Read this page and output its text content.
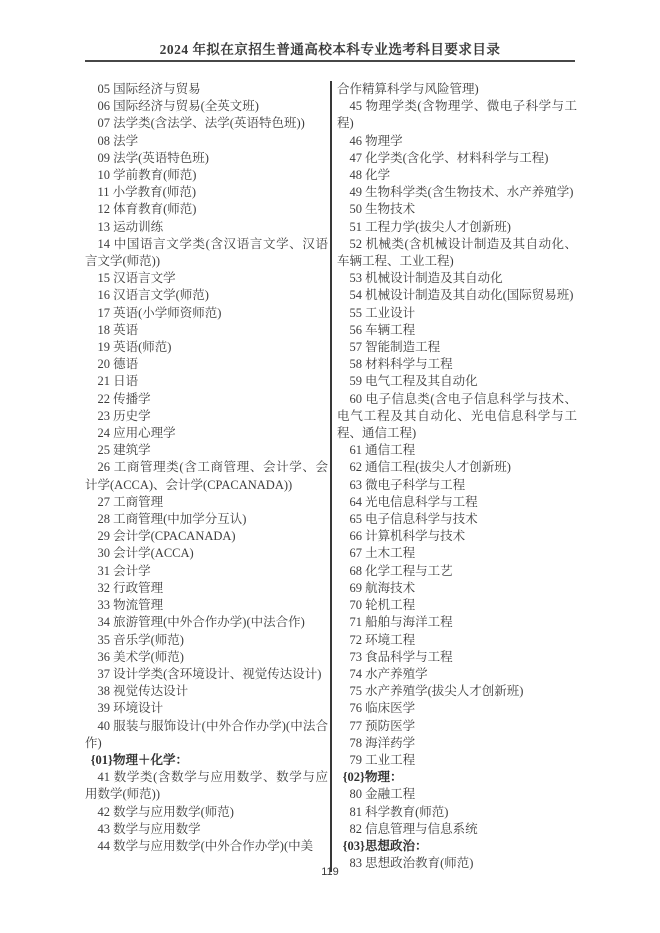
2024 年拟在京招生普通高校本科专业选考科目要求目录

05 国际经济与贸易

06 国际经济与贸易(全英文班)

07 法学类(含法学、法学(英语特色班))

08 法学

09 法学(英语特色班)

10 学前教育(师范)

11 小学教育(师范)

12 体育教育(师范)

13 运动训练

14 中国语言文学类(含汉语言文学、汉语言文学(师范))

15 汉语言文学

16 汉语言文学(师范)

17 英语(小学师资师范)

18 英语

19 英语(师范)

20 德语

21 日语

22 传播学

23 历史学

24 应用心理学

25 建筑学

26 工商管理类(含工商管理、会计学、会计学(ACCA)、会计学(CPACANADA))

27 工商管理

28 工商管理(中加学分互认)

29 会计学(CPACANADA)

30 会计学(ACCA)

31 会计学

32 行政管理

33 物流管理

34 旅游管理(中外合作办学)(中法合作)

35 音乐学(师范)

36 美术学(师范)

37 设计学类(含环境设计、视觉传达设计)

38 视觉传达设计

39 环境设计

40 服装与服饰设计(中外合作办学)(中法合作)

{01}物理＋化学：

41 数学类(含数学与应用数学、数学与应用数学(师范))

42 数学与应用数学(师范)

43 数学与应用数学

44 数学与应用数学(中外合作办学)(中美

合作精算科学与风险管理)

45 物理学类(含物理学、微电子科学与工程)

46 物理学

47 化学类(含化学、材料科学与工程)

48 化学

49 生物科学类(含生物技术、水产养殖学)

50 生物技术

51 工程力学(拔尖人才创新班)

52 机械类(含机械设计制造及其自动化、车辆工程、工业工程)

53 机械设计制造及其自动化

54 机械设计制造及其自动化(国际贸易班)

55 工业设计

56 车辆工程

57 智能制造工程

58 材料科学与工程

59 电气工程及其自动化

60 电子信息类(含电子信息科学与技术、电气工程及其自动化、光电信息科学与工程、通信工程)

61 通信工程

62 通信工程(拔尖人才创新班)

63 微电子科学与工程

64 光电信息科学与工程

65 电子信息科学与技术

66 计算机科学与技术

67 土木工程

68 化学工程与工艺

69 航海技术

70 轮机工程

71 船舶与海洋工程

72 环境工程

73 食品科学与工程

74 水产养殖学

75 水产养殖学(拔尖人才创新班)

76 临床医学

77 预防医学

78 海洋药学

79 工业工程

{02}物理：

80 金融工程

81 科学教育(师范)

82 信息管理与信息系统

{03}思想政治：

83 思想政治教育(师范)

119
